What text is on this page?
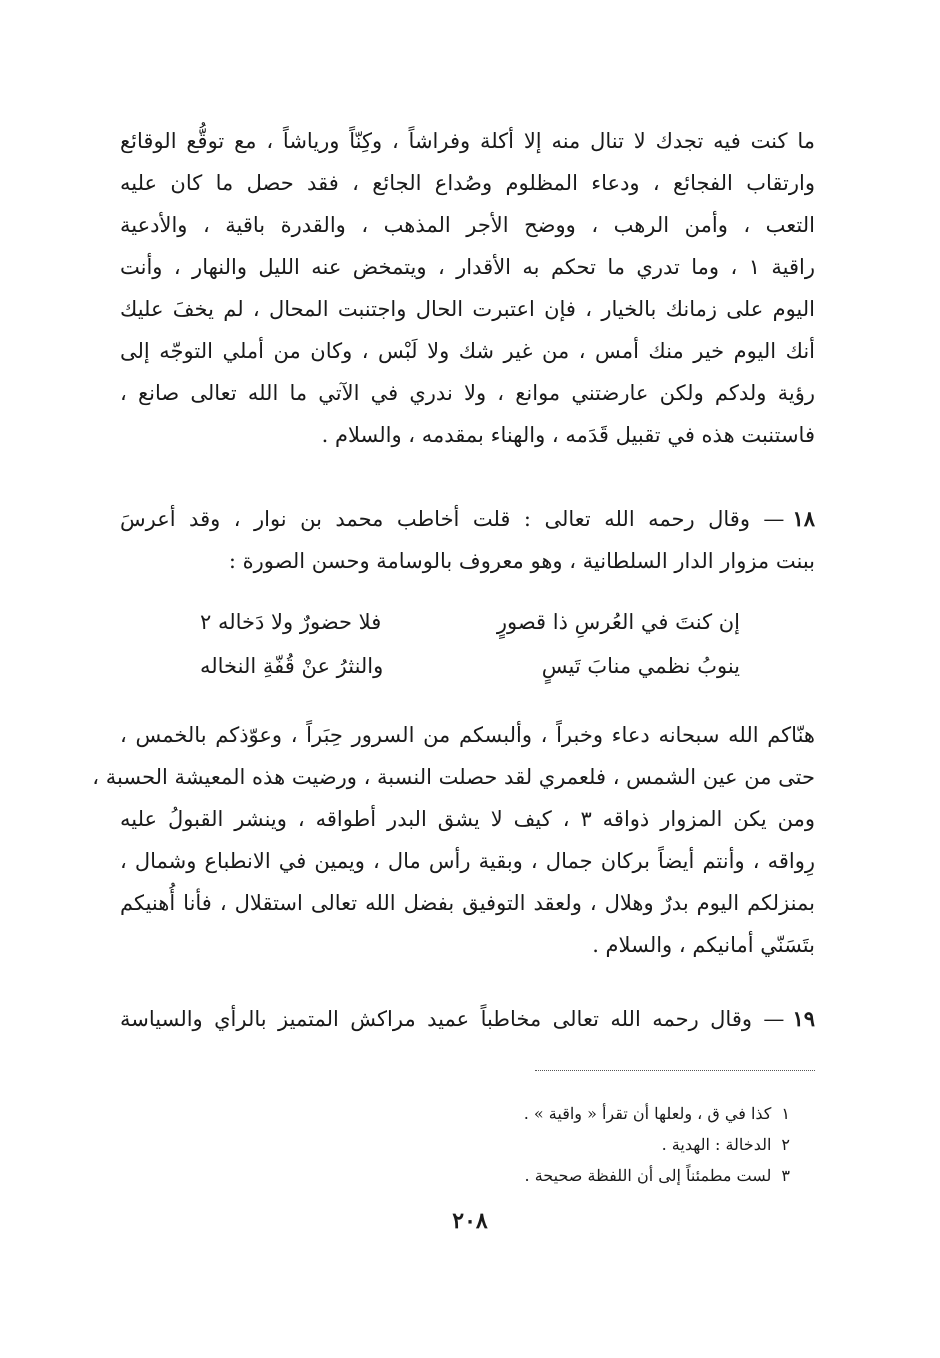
ما كنت فيه تجدك لا تنال منه إلا أكلة وفراشاً ، وكِنّاً ورياشاً ، مع توقُّع الوقائع
وارتقاب الفجائع ، ودعاء المظلوم وصُداع الجائع ، فقد حصل ما كان عليه
التعب ، وأمن الرهب ، ووضح الأجر المذهب ، والقدرة باقية ، والأدعية
راقية ١ ، وما تدري ما تحكم به الأقدار ، ويتمخض عنه الليل والنهار ، وأنت
اليوم على زمانك بالخيار ، فإن اعتبرت الحال واجتنبت المحال ، لم يخفَ عليك
أنك اليوم خير منك أمس ، من غير شك ولا لَبْس ، وكان من أملي التوجّه إلى
رؤية ولدكم ولكن عارضتني موانع ، ولا ندري في الآتي ما الله تعالى صانع ،
فاستنبت هذه في تقبيل قَدَمه ، والهناء بمقدمه ، والسلام .
١٨— وقال رحمه الله تعالى : قلت أخاطب محمد بن نوار ، وقد أعرسَ
ببنت مزوار الدار السلطانية ، وهو معروف بالوسامة وحسن الصورة :
إن كنتَ في العُرسِ ذا قصورٍ
فلا حضورٌ ولا دَخاله ٢
ينوبُ نظمي منابَ تَيسٍ
والنثرُ عنْ قُفّةِ النخاله
هنّاكم الله سبحانه دعاء وخبراً ، وألبسكم من السرور حِبَراً ، وعوّذكم بالخمس ،
حتى من عين الشمس ، فلعمري لقد حصلت النسبة ، ورضيت هذه المعيشة الحسبة ،
ومن يكن المزوار ذواقه ٣ ، كيف لا يشق البدر أطواقه ، وينشر القبولُ عليه
رِواقه ، وأنتم أيضاً بركان جمال ، وبقية رأس مال ، ويمين في الانطباع وشمال ،
بمنزلكم اليوم بدرٌ وهلال ، ولعقد التوفيق بفضل الله تعالى استقلال ، فأنا أُهنيكم
بتَسَنّي أمانيكم ، والسلام .
١٩— وقال رحمه الله تعالى مخاطباً عميد مراكش المتميز بالرأي والسياسة
١كذا في ق ، ولعلها أن تقرأ « واقية » .
٢الدخالة : الهدية .
٣لست مطمئناً إلى أن اللفظة صحيحة .
٢٠٨
